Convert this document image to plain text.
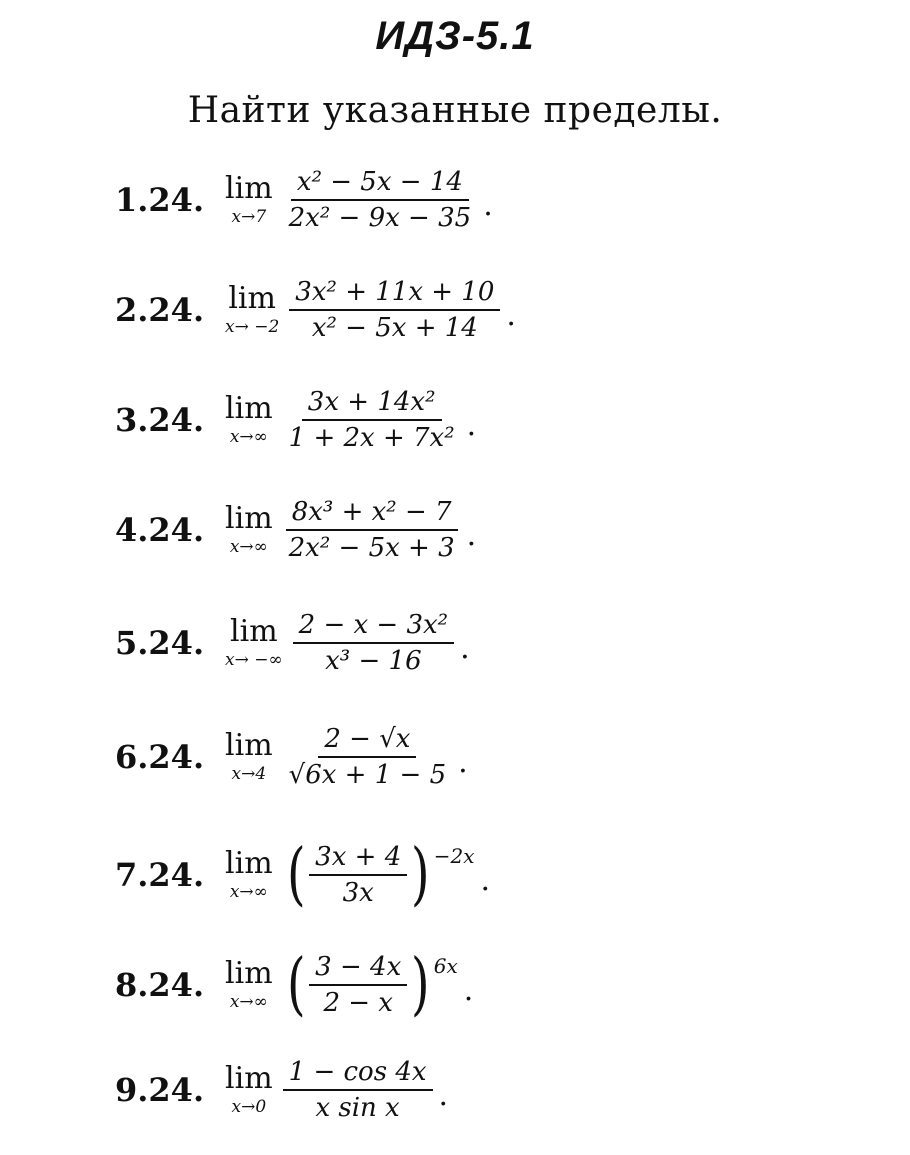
ИДЗ-5.1
Найти указанные пределы.
1.24. lim
$x\to 7 \frac{\text{x² − 5x − 14}}{\text{2x² − 9x − 35}}$ .
2.24. lim
$x\to -2 \frac{\text{3x² + 11x + 10}}{\text{x² − 5x + 14}}$ .
3.24. lim
$x\to\infty \frac{\text{3x + 14x²}}{\text{1 + 2x + 7x²}}$ .
4.24. lim
$x\to\infty \frac{\text{8x³ + x² − 7}}{\text{2x² − 5x + 3}}$ .
5.24. lim
x→ −∞ $\frac{\text{2 − x − 3x²}}{\text{x³ − 16}}$ .
6.24. lim
$x\to 4 \frac{2 - √x}{√6x + 1 - 5}$ .
7.24. lim
x→∞ ( $\frac{3x + 4}{3x}$ ) −2x
.
8.24. lim
x→∞ ( $\frac{3 - 4x}{2 - x}$ ) 6x
.
9.24. lim
$x\to 0 \frac{1 - \cos 4x}{\text{x sin x}}$ .
